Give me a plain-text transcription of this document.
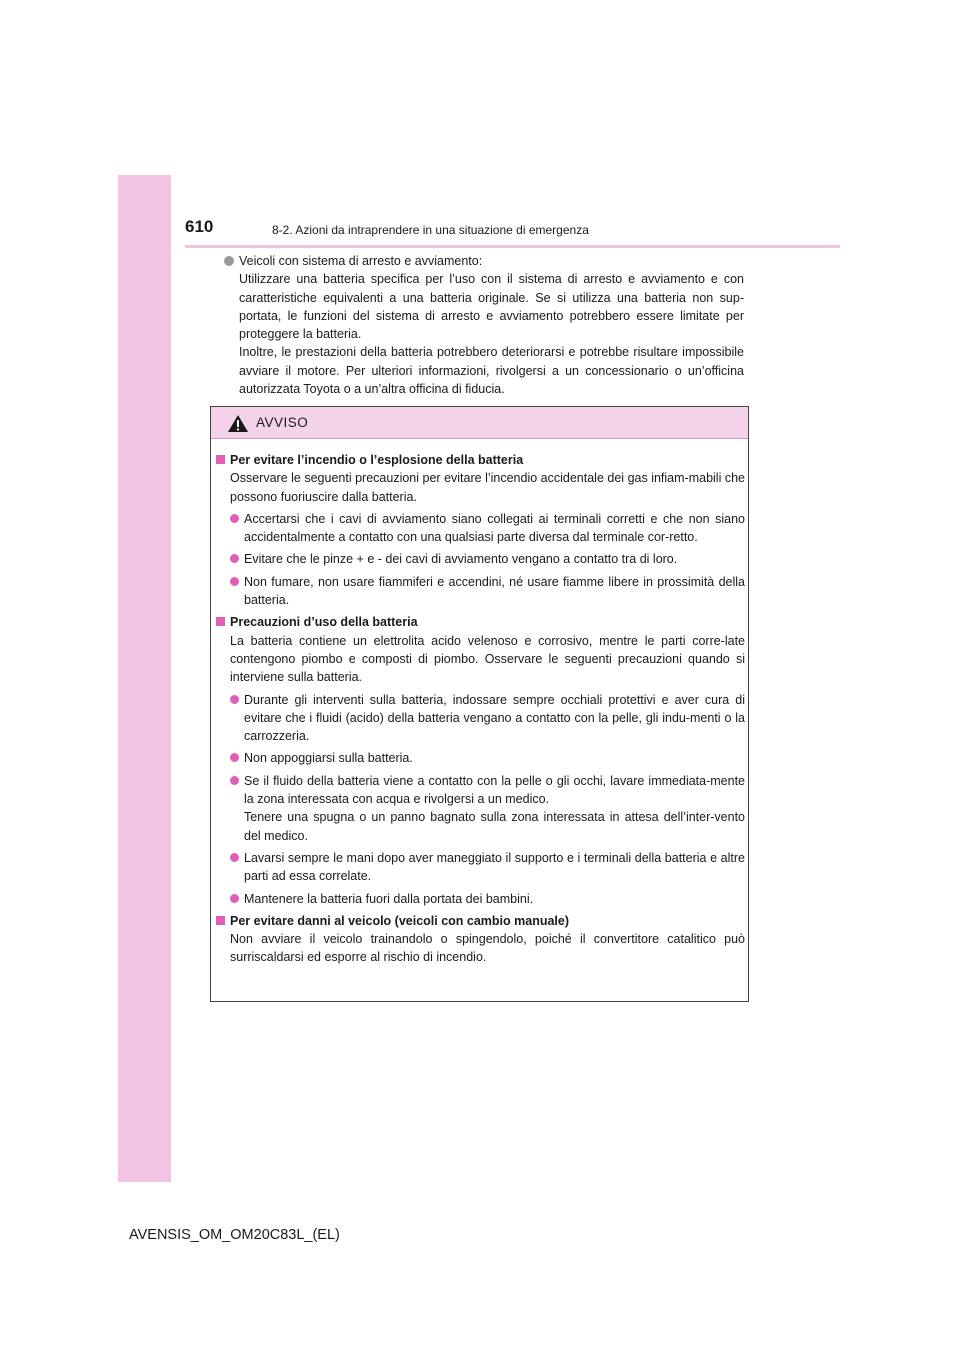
610	8-2. Azioni da intraprendere in una situazione di emergenza
Veicoli con sistema di arresto e avviamento:
Utilizzare una batteria specifica per l’uso con il sistema di arresto e avviamento e con caratteristiche equivalenti a una batteria originale. Se si utilizza una batteria non sup-portata, le funzioni del sistema di arresto e avviamento potrebbero essere limitate per proteggere la batteria.
Inoltre, le prestazioni della batteria potrebbero deteriorarsi e potrebbe risultare impossibile avviare il motore. Per ulteriori informazioni, rivolgersi a un concessionario o un’officina autorizzata Toyota o a un’altra officina di fiducia.
AVVISO
Per evitare l’incendio o l’esplosione della batteria
Osservare le seguenti precauzioni per evitare l’incendio accidentale dei gas infiam-mabili che possono fuoriuscire dalla batteria.
Accertarsi che i cavi di avviamento siano collegati ai terminali corretti e che non siano accidentalmente a contatto con una qualsiasi parte diversa dal terminale cor-retto.
Evitare che le pinze + e - dei cavi di avviamento vengano a contatto tra di loro.
Non fumare, non usare fiammiferi e accendini, né usare fiamme libere in prossimità della batteria.
Precauzioni d’uso della batteria
La batteria contiene un elettrolita acido velenoso e corrosivo, mentre le parti corre-late contengono piombo e composti di piombo. Osservare le seguenti precauzioni quando si interviene sulla batteria.
Durante gli interventi sulla batteria, indossare sempre occhiali protettivi e aver cura di evitare che i fluidi (acido) della batteria vengano a contatto con la pelle, gli indu-menti o la carrozzeria.
Non appoggiarsi sulla batteria.
Se il fluido della batteria viene a contatto con la pelle o gli occhi, lavare immediata-mente la zona interessata con acqua e rivolgersi a un medico.
Tenere una spugna o un panno bagnato sulla zona interessata in attesa dell’inter-vento del medico.
Lavarsi sempre le mani dopo aver maneggiato il supporto e i terminali della batteria e altre parti ad essa correlate.
Mantenere la batteria fuori dalla portata dei bambini.
Per evitare danni al veicolo (veicoli con cambio manuale)
Non avviare il veicolo trainandolo o spingendolo, poiché il convertitore catalitico può surriscaldarsi ed esporre al rischio di incendio.
AVENSIS_OM_OM20C83L_(EL)
